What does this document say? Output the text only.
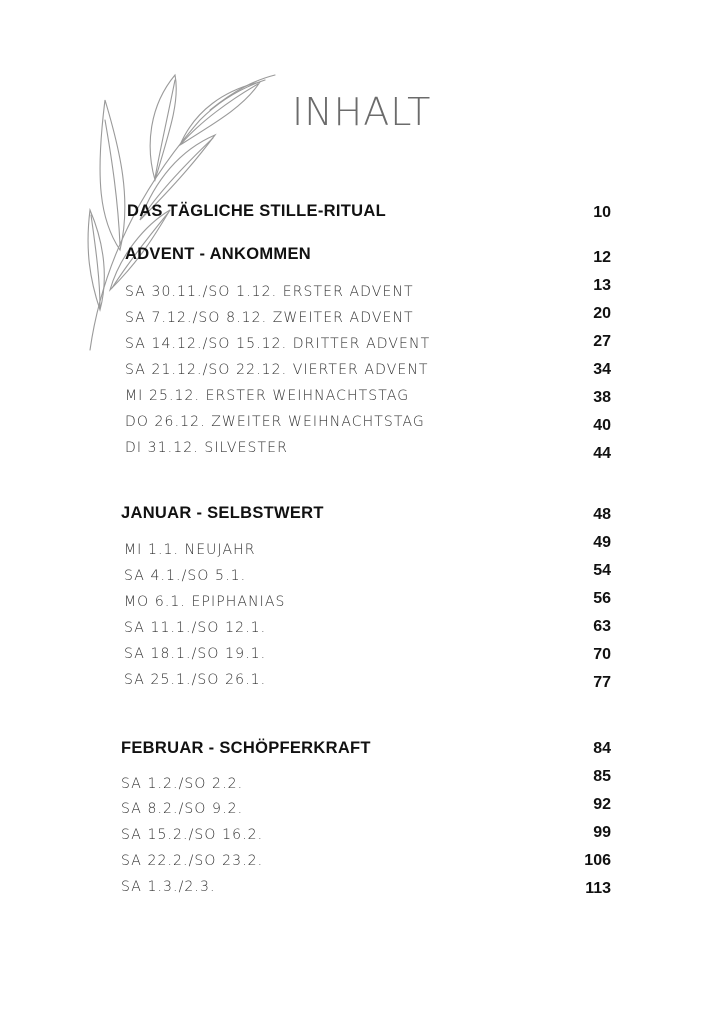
INHALT
DAS TÄGLICHE STILLE-RITUAL	10
ADVENT - ANKOMMEN	12
SA 30.11./SO 1.12. ERSTER ADVENT	13
SA 7.12./SO 8.12. ZWEITER ADVENT	20
SA 14.12./SO 15.12. DRITTER ADVENT	27
SA 21.12./SO 22.12. VIERTER ADVENT	34
MI 25.12. ERSTER WEIHNACHTSTAG	38
DO 26.12. ZWEITER WEIHNACHTSTAG	40
DI 31.12. SILVESTER	44
JANUAR - SELBSTWERT	48
MI 1.1. NEUJAHR	49
SA 4.1./SO 5.1.	54
MO 6.1. EPIPHANIAS	56
SA 11.1./SO 12.1.	63
SA 18.1./SO 19.1.	70
SA 25.1./SO 26.1.	77
FEBRUAR - SCHÖPFERKRAFT	84
SA 1.2./SO 2.2.	85
SA 8.2./SO 9.2.	92
SA 15.2./SO 16.2.	99
SA 22.2./SO 23.2.	106
SA 1.3./2.3.	113
